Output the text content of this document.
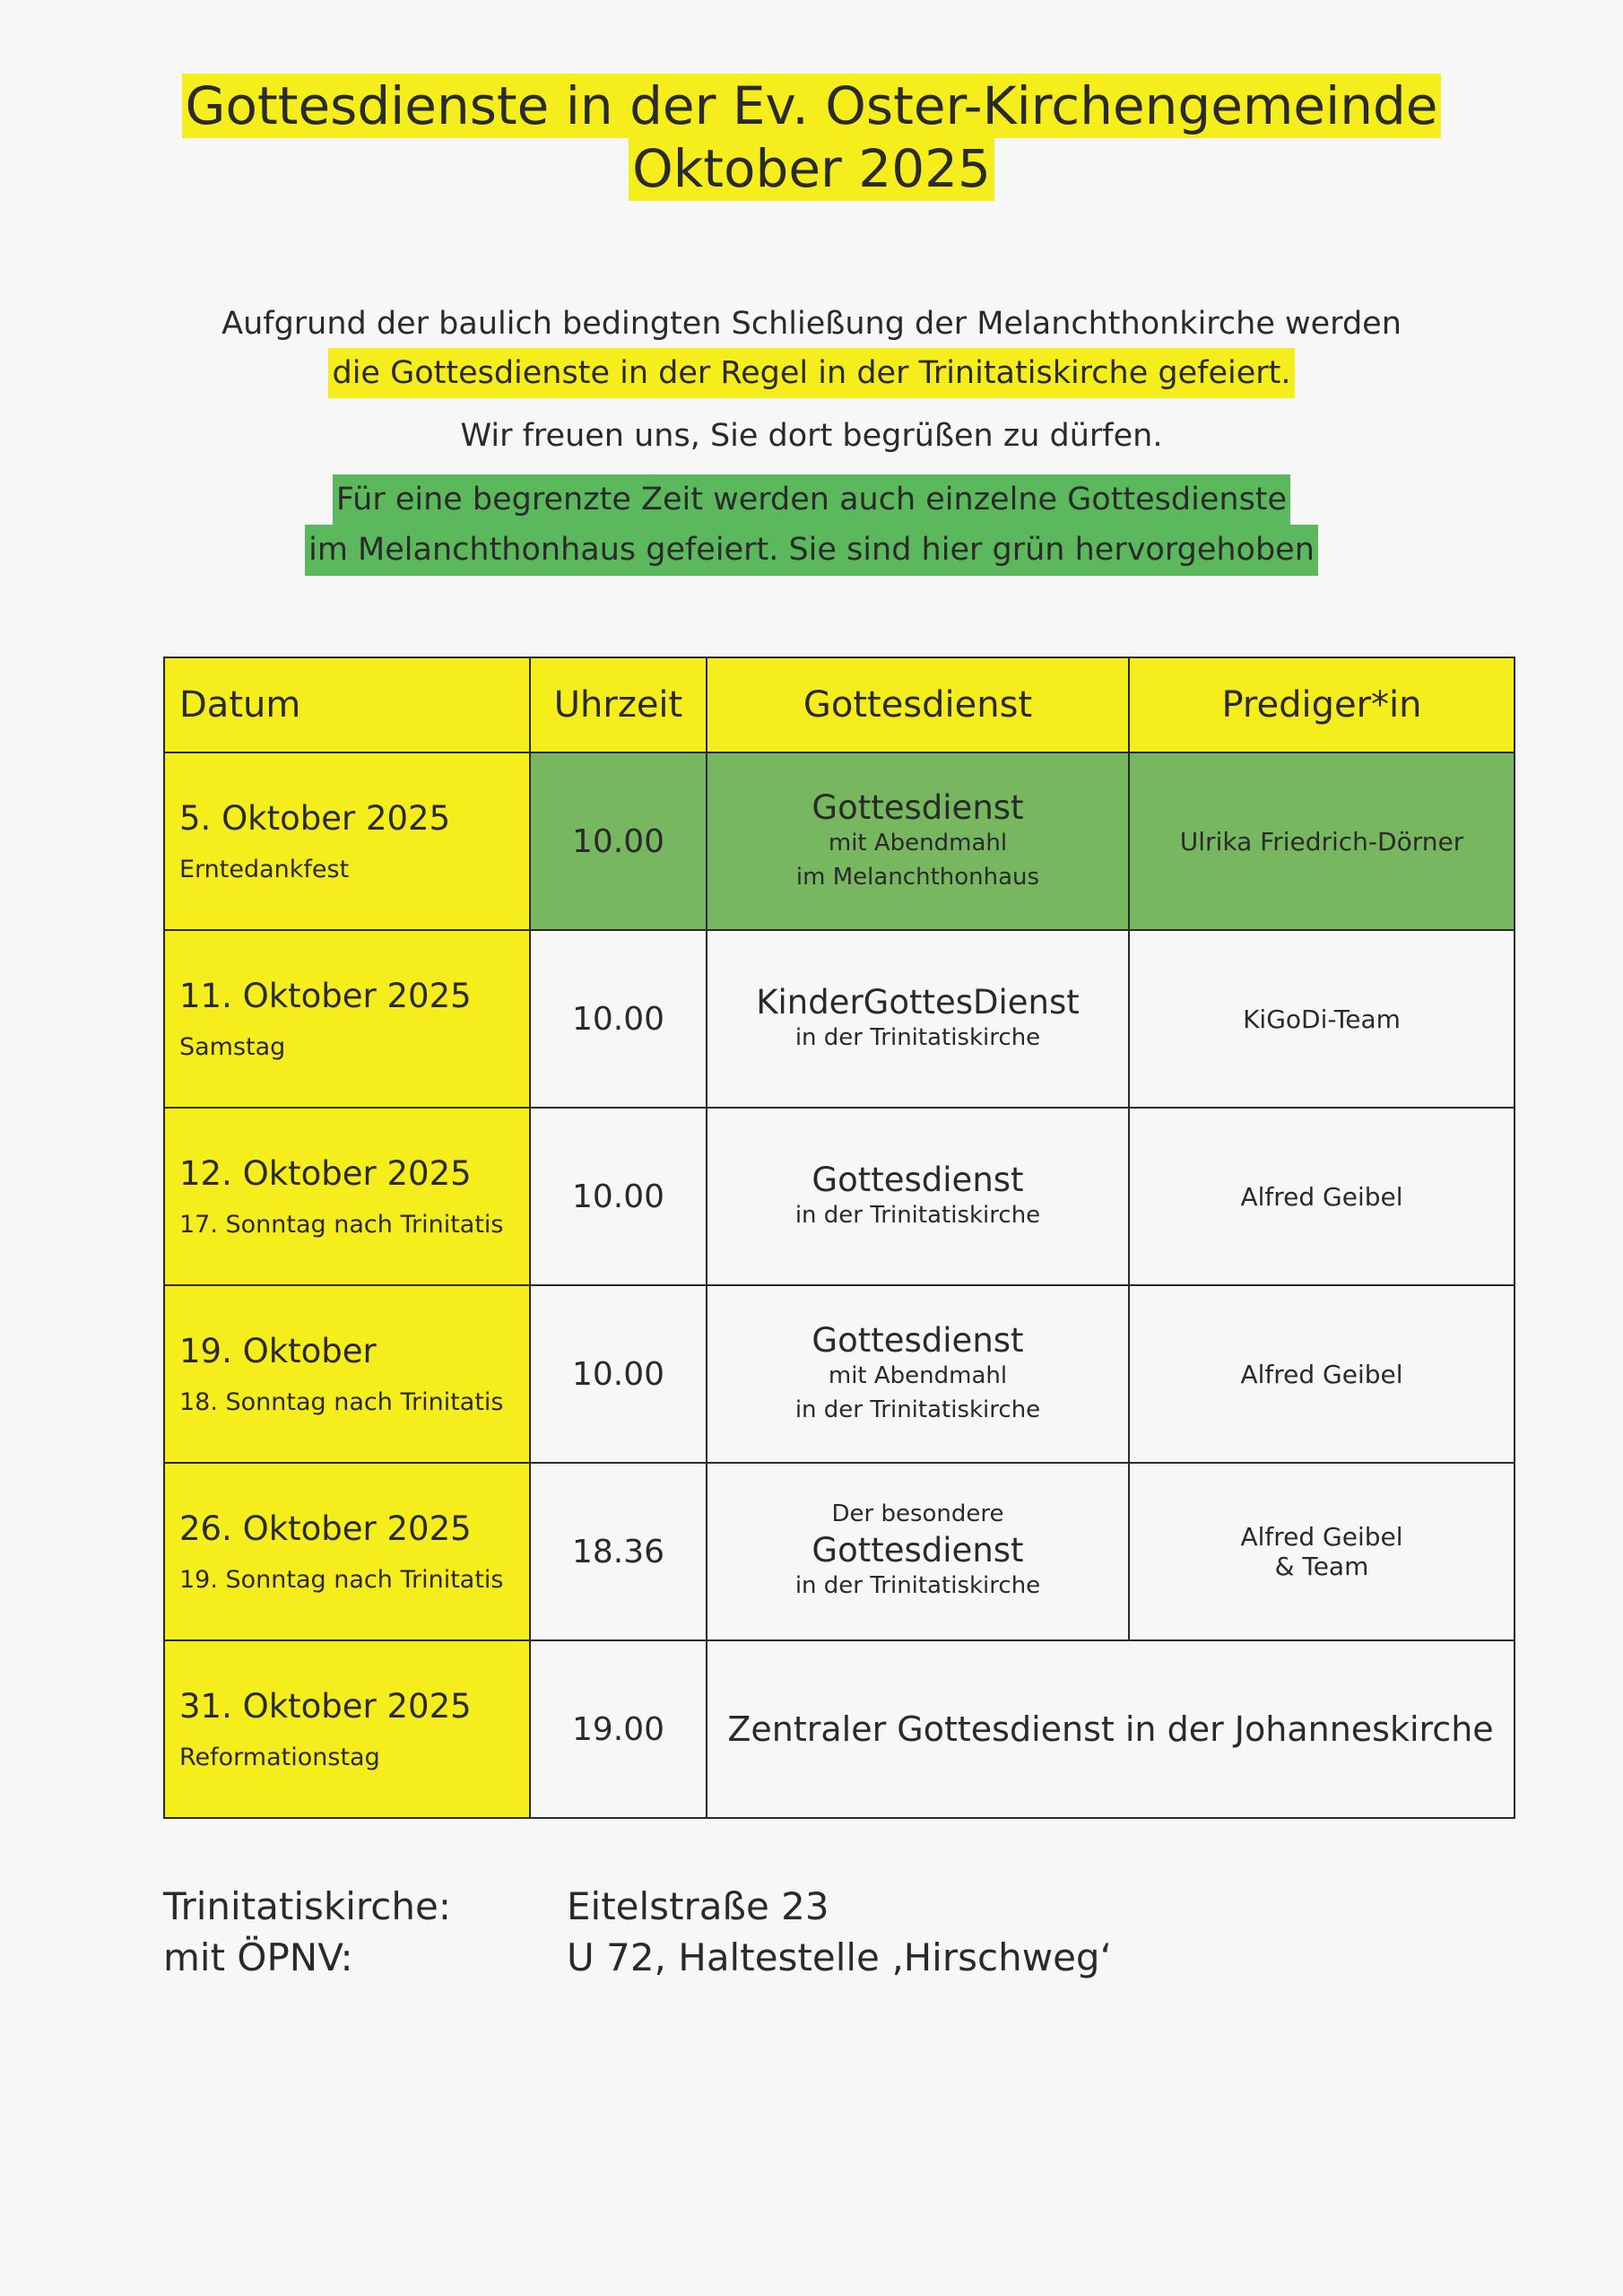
Gottesdienste in der Ev. Oster-Kirchengemeinde
Oktober 2025

Aufgrund der baulich bedingten Schließung der Melanchthonkirche werden
die Gottesdienste in der Regel in der Trinitatiskirche gefeiert.

Wir freuen uns, Sie dort begrüßen zu dürfen.

Für eine begrenzte Zeit werden auch einzelne Gottesdienste
im Melanchthonhaus gefeiert. Sie sind hier grün hervorgehoben

Datum	Uhrzeit	Gottesdienst	Prediger*in

5. Oktober 2025
Erntedankfest	10.00	Gottesdienst
mit Abendmahl
im Melanchthonhaus	Ulrika Friedrich-Dörner

11. Oktober 2025
Samstag	10.00	KinderGottesDienst
in der Trinitatiskirche	KiGoDi-Team

12. Oktober 2025
17. Sonntag nach Trinitatis	10.00	Gottesdienst
in der Trinitatiskirche	Alfred Geibel

19. Oktober
18. Sonntag nach Trinitatis	10.00	Gottesdienst
mit Abendmahl
in der Trinitatiskirche	Alfred Geibel

26. Oktober 2025
19. Sonntag nach Trinitatis	18.36	Der besondere
Gottesdienst
in der Trinitatiskirche	Alfred Geibel
& Team

31. Oktober 2025
Reformationstag	19.00	Zentraler Gottesdienst in der Johanneskirche	
Trinitatiskirche:	Eitelstraße 23
mit ÖPNV:	U 72, Haltestelle ‚Hirschweg‘
